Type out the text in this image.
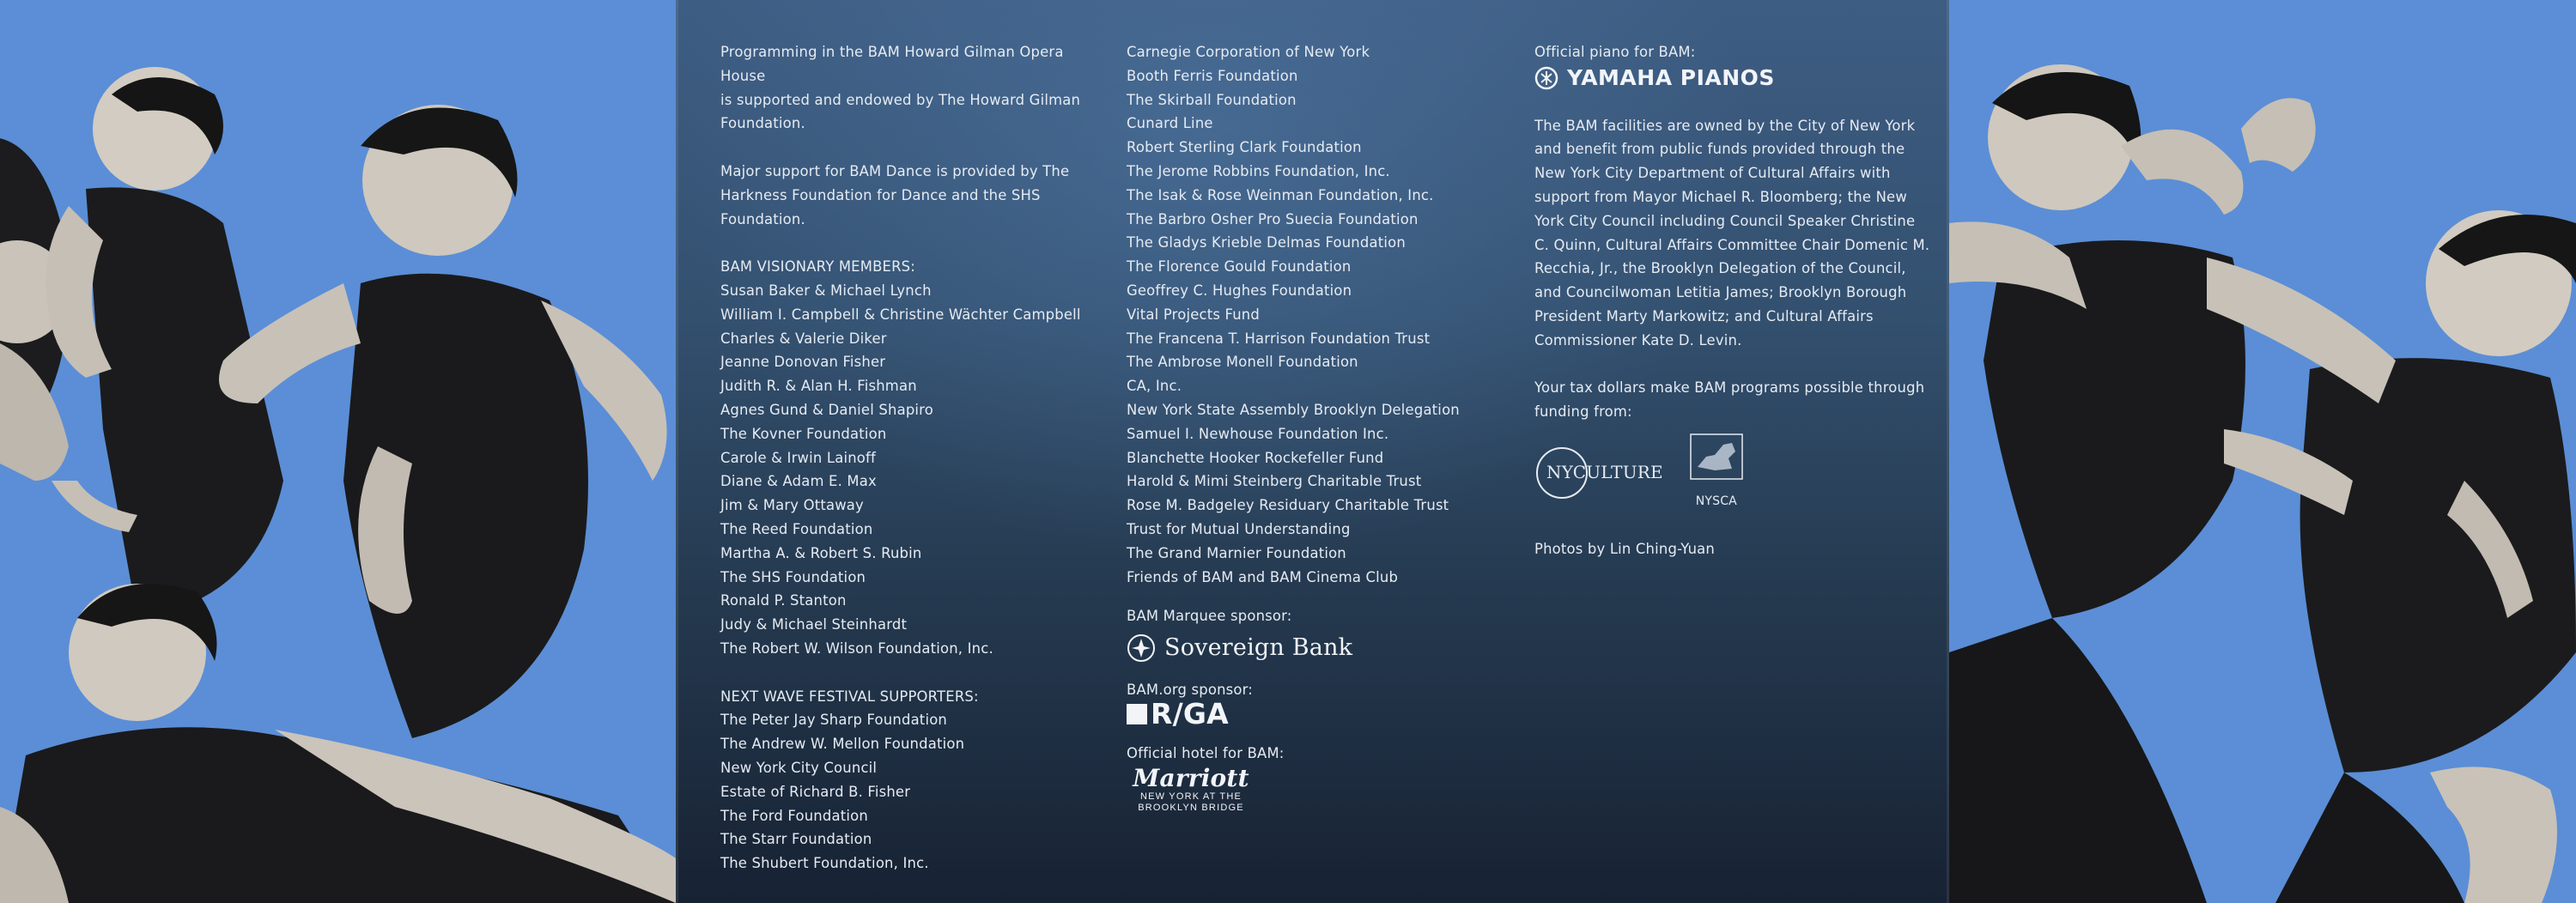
Programming in the BAM Howard Gilman Opera House

is supported and endowed by The Howard Gilman

Foundation.

Major support for BAM Dance is provided by The

Harkness Foundation for Dance and the SHS

Foundation.

BAM VISIONARY MEMBERS:

Susan Baker & Michael Lynch

William I. Campbell & Christine Wächter Campbell

Charles & Valerie Diker

Jeanne Donovan Fisher

Judith R. & Alan H. Fishman

Agnes Gund & Daniel Shapiro

The Kovner Foundation

Carole & Irwin Lainoff

Diane & Adam E. Max

Jim & Mary Ottaway

The Reed Foundation

Martha A. & Robert S. Rubin

The SHS Foundation

Ronald P. Stanton

Judy & Michael Steinhardt

The Robert W. Wilson Foundation, Inc.

NEXT WAVE FESTIVAL SUPPORTERS:

The Peter Jay Sharp Foundation

The Andrew W. Mellon Foundation

New York City Council

Estate of Richard B. Fisher

The Ford Foundation

The Starr Foundation

The Shubert Foundation, Inc.

Carnegie Corporation of New York

Booth Ferris Foundation

The Skirball Foundation

Cunard Line

Robert Sterling Clark Foundation

The Jerome Robbins Foundation, Inc.

The Isak & Rose Weinman Foundation, Inc.

The Barbro Osher Pro Suecia Foundation

The Gladys Krieble Delmas Foundation

The Florence Gould Foundation

Geoffrey C. Hughes Foundation

Vital Projects Fund

The Francena T. Harrison Foundation Trust

The Ambrose Monell Foundation

CA, Inc.

New York State Assembly Brooklyn Delegation

Samuel I. Newhouse Foundation Inc.

Blanchette Hooker Rockefeller Fund

Harold & Mimi Steinberg Charitable Trust

Rose M. Badgeley Residuary Charitable Trust

Trust for Mutual Understanding

The Grand Marnier Foundation

Friends of BAM and BAM Cinema Club

BAM Marquee sponsor:

Sovereign Bank

BAM.org sponsor:

R/GA

Official hotel for BAM:

Marriott
NEW YORK AT THE
BROOKLYN BRIDGE

Official piano for BAM:

YAMAHA PIANOS

The BAM facilities are owned by the City of New York

and benefit from public funds provided through the

New York City Department of Cultural Affairs with

support from Mayor Michael R. Bloomberg; the New

York City Council including Council Speaker Christine

C. Quinn, Cultural Affairs Committee Chair Domenic M.

Recchia, Jr., the Brooklyn Delegation of the Council,

and Councilwoman Letitia James; Brooklyn Borough

President Marty Markowitz; and Cultural Affairs

Commissioner Kate D. Levin.

Your tax dollars make BAM programs possible through

funding from:

NYCULTURE
NYSCA

Photos by Lin Ching-Yuan
